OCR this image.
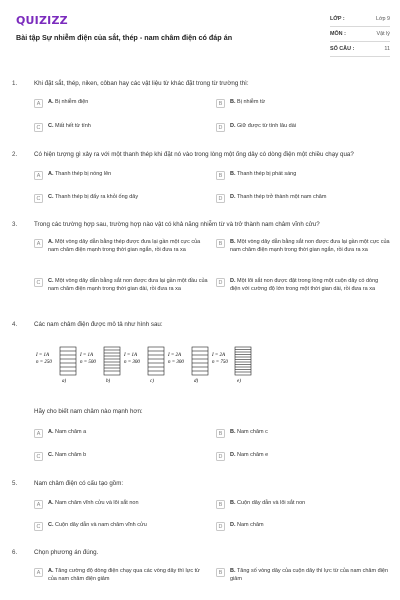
QUIZIZZ
Bài tập Sự nhiễm điện của sắt, thép - nam châm điện có đáp án
LỚP :	Lớp 9
MÔN :	Vật lý
SỐ CÂU :	11
1.	Khi đặt sắt, thép, niken, côban hay các vật liệu từ khác đặt trong từ trường thì:
A	A. Bị nhiễm điện	B	B. Bị nhiễm từ
C	C. Mất hết từ tính	D	D. Giữ được từ tính lâu dài
2.	Có hiện tượng gì xảy ra với một thanh thép khi đặt nó vào trong lòng một ống dây có dòng điện một chiều chạy qua?
A	A. Thanh thép bị nóng lên	B	B. Thanh thép bị phát sáng
C	C. Thanh thép bị đẩy ra khỏi ống dây	D	D. Thanh thép trở thành một nam châm
3.	Trong các trường hợp sau, trường hợp nào vật có khả năng nhiễm từ và trở thành nam châm vĩnh cửu?
A	A. Một vòng dây dẫn bằng thép được đưa lại gần một cực của nam châm điện mạnh trong thời gian ngắn, rồi đưa ra xa
B	B. Một vòng dây dẫn bằng sắt non được đưa lại gần một cực của nam châm điện mạnh trong thời gian ngắn, rồi đưa ra xa
C	C. Một vòng dây dẫn bằng sắt non được đưa lại gần một đầu của nam châm điện mạnh trong thời gian dài, rồi đưa ra xa
D	D. Một lõi sắt non được đặt trong lòng một cuộn dây có dòng điện với cường độ lớn trong một thời gian dài, rồi đưa ra xa
4.	Các nam châm điện được mô tả như hình sau:
I = 1A
n = 250
a)
I = 1A
n = 500
b)
I = 1A
n = 300
c)
I = 2A
n = 300
d)
I = 2A
n = 750
e)
Hãy cho biết nam châm nào mạnh hơn:
A	A. Nam châm a	B	B. Nam châm c
C	C. Nam châm b	D	D. Nam châm e
5.	Nam châm điện có cấu tạo gồm:
A	A. Nam châm vĩnh cửu và lõi sắt non	B	B. Cuộn dây dẫn và lõi sắt non
C	C. Cuộn dây dẫn và nam châm vĩnh cửu	D	D. Nam châm
6.	Chọn phương án đúng.
A	A. Tăng cường độ dòng điện chạy qua các vòng dây thì lực từ của nam châm điện giảm
B	B. Tăng số vòng dây của cuộn dây thì lực từ của nam châm điện giảm
